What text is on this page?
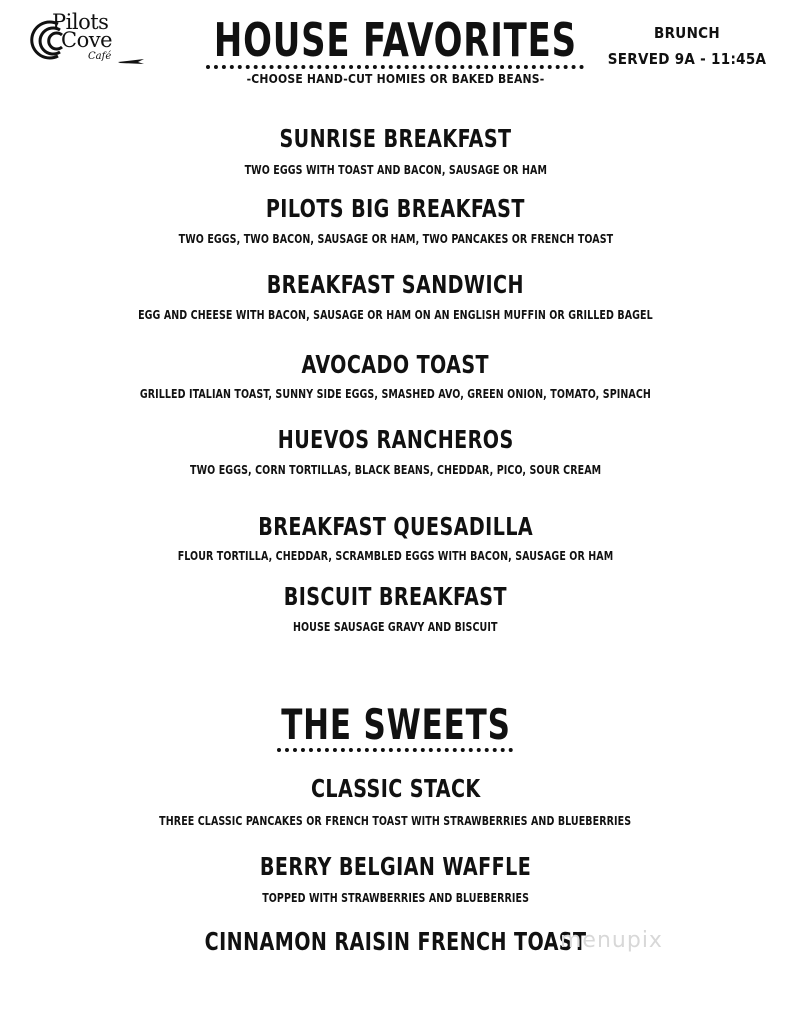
Pilots
Cove
Café
BRUNCH
SERVED 9A - 11:45A
HOUSE FAVORITES
-CHOOSE HAND-CUT HOMIES OR BAKED BEANS-
SUNRISE BREAKFAST
TWO EGGS WITH TOAST AND BACON, SAUSAGE OR HAM
PILOTS BIG BREAKFAST
TWO EGGS, TWO BACON, SAUSAGE OR HAM, TWO PANCAKES OR FRENCH TOAST
BREAKFAST SANDWICH
EGG AND CHEESE WITH BACON, SAUSAGE OR HAM ON AN ENGLISH MUFFIN OR GRILLED BAGEL
AVOCADO TOAST
GRILLED ITALIAN TOAST, SUNNY SIDE EGGS, SMASHED AVO, GREEN ONION, TOMATO, SPINACH
HUEVOS RANCHEROS
TWO EGGS, CORN TORTILLAS, BLACK BEANS, CHEDDAR, PICO, SOUR CREAM
BREAKFAST QUESADILLA
FLOUR TORTILLA, CHEDDAR, SCRAMBLED EGGS WITH BACON, SAUSAGE OR HAM
BISCUIT BREAKFAST
HOUSE SAUSAGE GRAVY AND BISCUIT
THE SWEETS
CLASSIC STACK
THREE CLASSIC PANCAKES OR FRENCH TOAST WITH STRAWBERRIES AND BLUEBERRIES
BERRY BELGIAN WAFFLE
TOPPED WITH STRAWBERRIES AND BLUEBERRIES
CINNAMON RAISIN FRENCH TOAST
menupix
